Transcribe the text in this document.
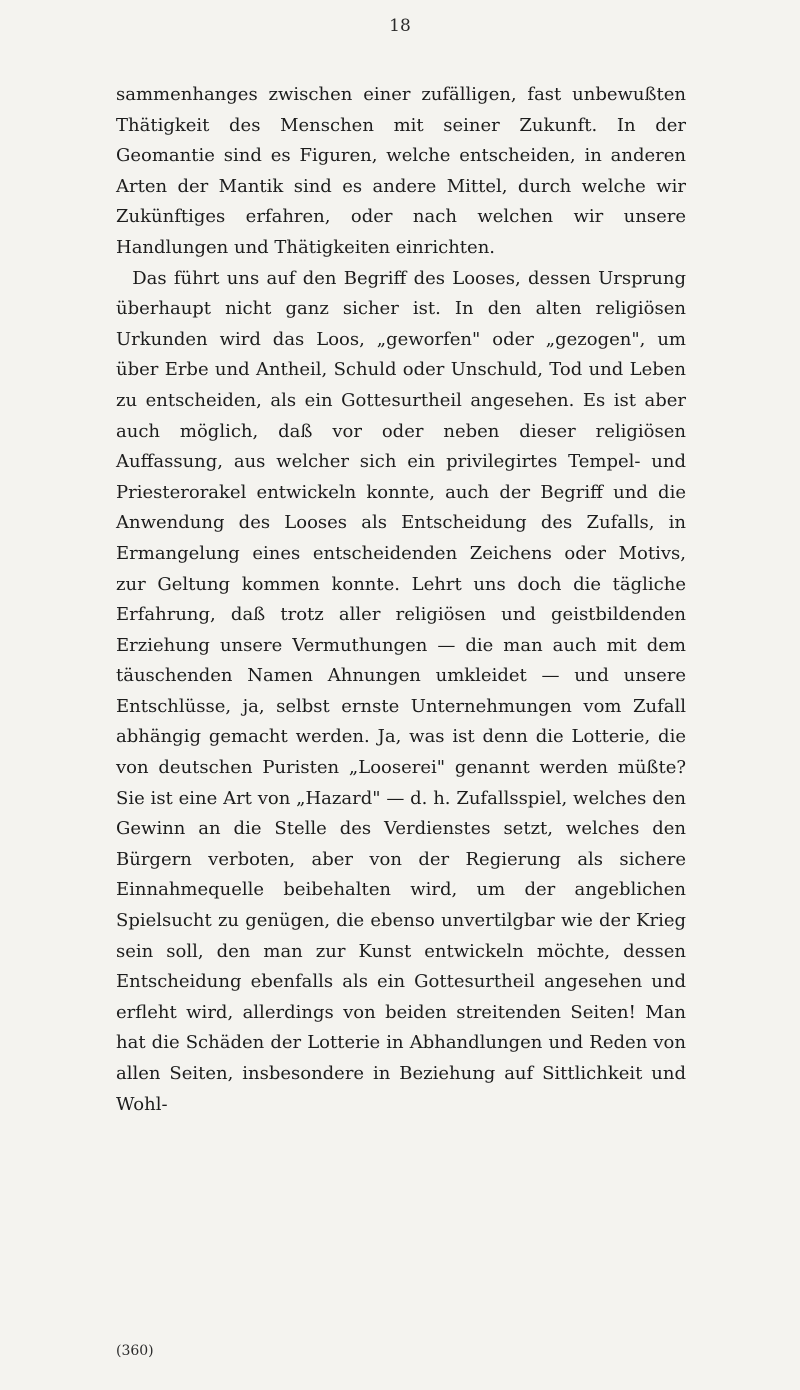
18

sammenhanges zwischen einer zufälligen, fast unbewußten Thätigkeit des Menschen mit seiner Zukunft. In der Geomantie sind es Figuren, welche entscheiden, in anderen Arten der Mantik sind es andere Mittel, durch welche wir Zukünftiges erfahren, oder nach welchen wir unsere Handlungen und Thätigkeiten einrichten.

Das führt uns auf den Begriff des Looses, dessen Ursprung überhaupt nicht ganz sicher ist. In den alten religiösen Urkunden wird das Loos, „geworfen" oder „gezogen", um über Erbe und Antheil, Schuld oder Unschuld, Tod und Leben zu entscheiden, als ein Gottesurtheil angesehen. Es ist aber auch möglich, daß vor oder neben dieser religiösen Auffassung, aus welcher sich ein privilegirtes Tempel- und Priesterorakel entwickeln konnte, auch der Begriff und die Anwendung des Looses als Entscheidung des Zufalls, in Ermangelung eines entscheidenden Zeichens oder Motivs, zur Geltung kommen konnte. Lehrt uns doch die tägliche Erfahrung, daß trotz aller religiösen und geistbildenden Erziehung unsere Vermuthungen — die man auch mit dem täuschenden Namen Ahnungen umkleidet — und unsere Entschlüsse, ja, selbst ernste Unternehmungen vom Zufall abhängig gemacht werden. Ja, was ist denn die Lotterie, die von deutschen Puristen „Looserei" genannt werden müßte? Sie ist eine Art von „Hazard" — d. h. Zufallsspiel, welches den Gewinn an die Stelle des Verdienstes setzt, welches den Bürgern verboten, aber von der Regierung als sichere Einnahmequelle beibehalten wird, um der angeblichen Spielsucht zu genügen, die ebenso unvertilgbar wie der Krieg sein soll, den man zur Kunst entwickeln möchte, dessen Entscheidung ebenfalls als ein Gottesurtheil angesehen und erfleht wird, allerdings von beiden streitenden Seiten! Man hat die Schäden der Lotterie in Abhandlungen und Reden von allen Seiten, insbesondere in Beziehung auf Sittlichkeit und Wohl-

(360)
